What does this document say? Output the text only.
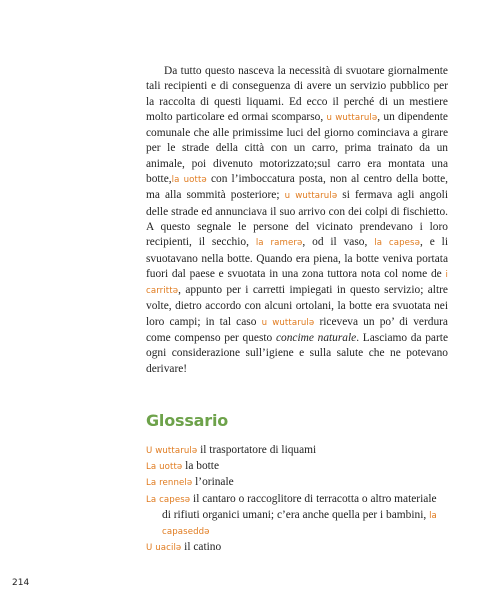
Da tutto questo nasceva la necessità di svuotare giornalmente tali recipienti e di conseguenza di avere un servizio pubblico per la raccolta di questi liquami. Ed ecco il perché di un mestiere molto particolare ed ormai scomparso, u wuttarulə, un dipendente comunale che alle primissime luci del giorno cominciava a girare per le strade della città con un carro, prima trainato da un animale, poi divenuto motorizzato;sul carro era montata una botte,la uottə con l’imboccatura posta, non al centro della botte, ma alla sommità posteriore; u wuttarulə si fermava agli angoli delle strade ed annunciava il suo arrivo con dei colpi di fischietto. A questo segnale le persone del vicinato prendevano i loro recipienti, il secchio, la ramerə, od il vaso, la capesə, e li svuotavano nella botte. Quando era piena, la botte veniva portata fuori dal paese e svuotata in una zona tuttora nota col nome de i carrittə, appunto per i carretti impiegati in questo servizio; altre volte, dietro accordo con alcuni ortolani, la botte era svuotata nei loro campi; in tal caso u wuttarulə riceveva un po’ di verdura come compenso per questo concime naturale. Lasciamo da parte ogni considerazione sull’igiene e sulla salute che ne potevano derivare!

Glossario
U wuttarulə il trasportatore di liquami
La uottə la botte
La rennelə l’orinale
La capesə il cantaro o raccoglitore di terracotta o altro materiale di rifiuti organici umani; c’era anche quella per i bambini, la capaseddə
U uacilə il catino
214
